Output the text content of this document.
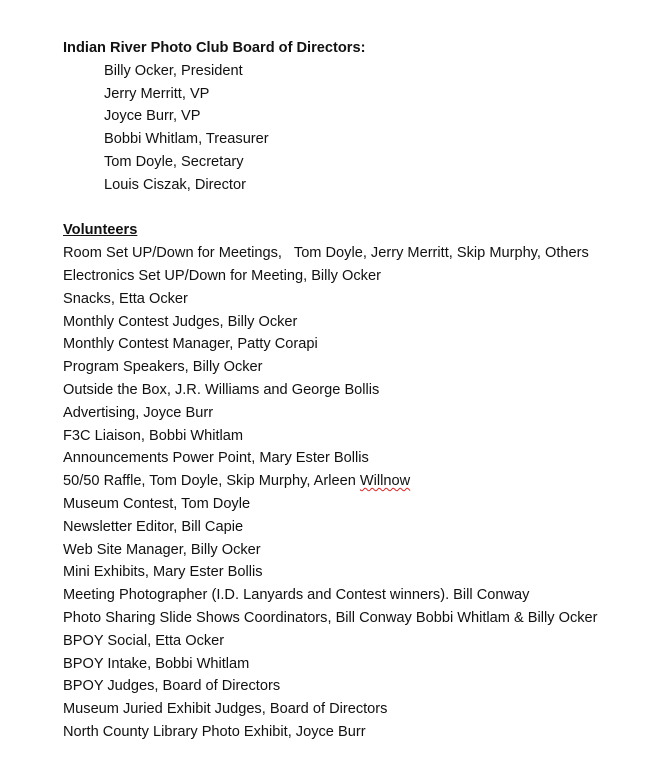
Indian River Photo Club Board of Directors:
Billy Ocker, President
Jerry Merritt, VP
Joyce Burr, VP
Bobbi Whitlam, Treasurer
Tom Doyle, Secretary
Louis Ciszak, Director
Volunteers
Room Set UP/Down for Meetings,   Tom Doyle, Jerry Merritt, Skip Murphy, Others
Electronics Set UP/Down for Meeting, Billy Ocker
Snacks, Etta Ocker
Monthly Contest Judges, Billy Ocker
Monthly Contest Manager, Patty Corapi
Program Speakers, Billy Ocker
Outside the Box, J.R. Williams and George Bollis
Advertising, Joyce Burr
F3C Liaison, Bobbi Whitlam
Announcements Power Point, Mary Ester Bollis
50/50 Raffle, Tom Doyle, Skip Murphy, Arleen Willnow
Museum Contest, Tom Doyle
Newsletter Editor, Bill Capie
Web Site Manager, Billy Ocker
Mini Exhibits, Mary Ester Bollis
Meeting Photographer (I.D. Lanyards and Contest winners). Bill Conway
Photo Sharing Slide Shows Coordinators, Bill Conway Bobbi Whitlam & Billy Ocker
BPOY Social, Etta Ocker
BPOY Intake, Bobbi Whitlam
BPOY Judges, Board of Directors
Museum Juried Exhibit Judges, Board of Directors
North County Library Photo Exhibit, Joyce Burr
